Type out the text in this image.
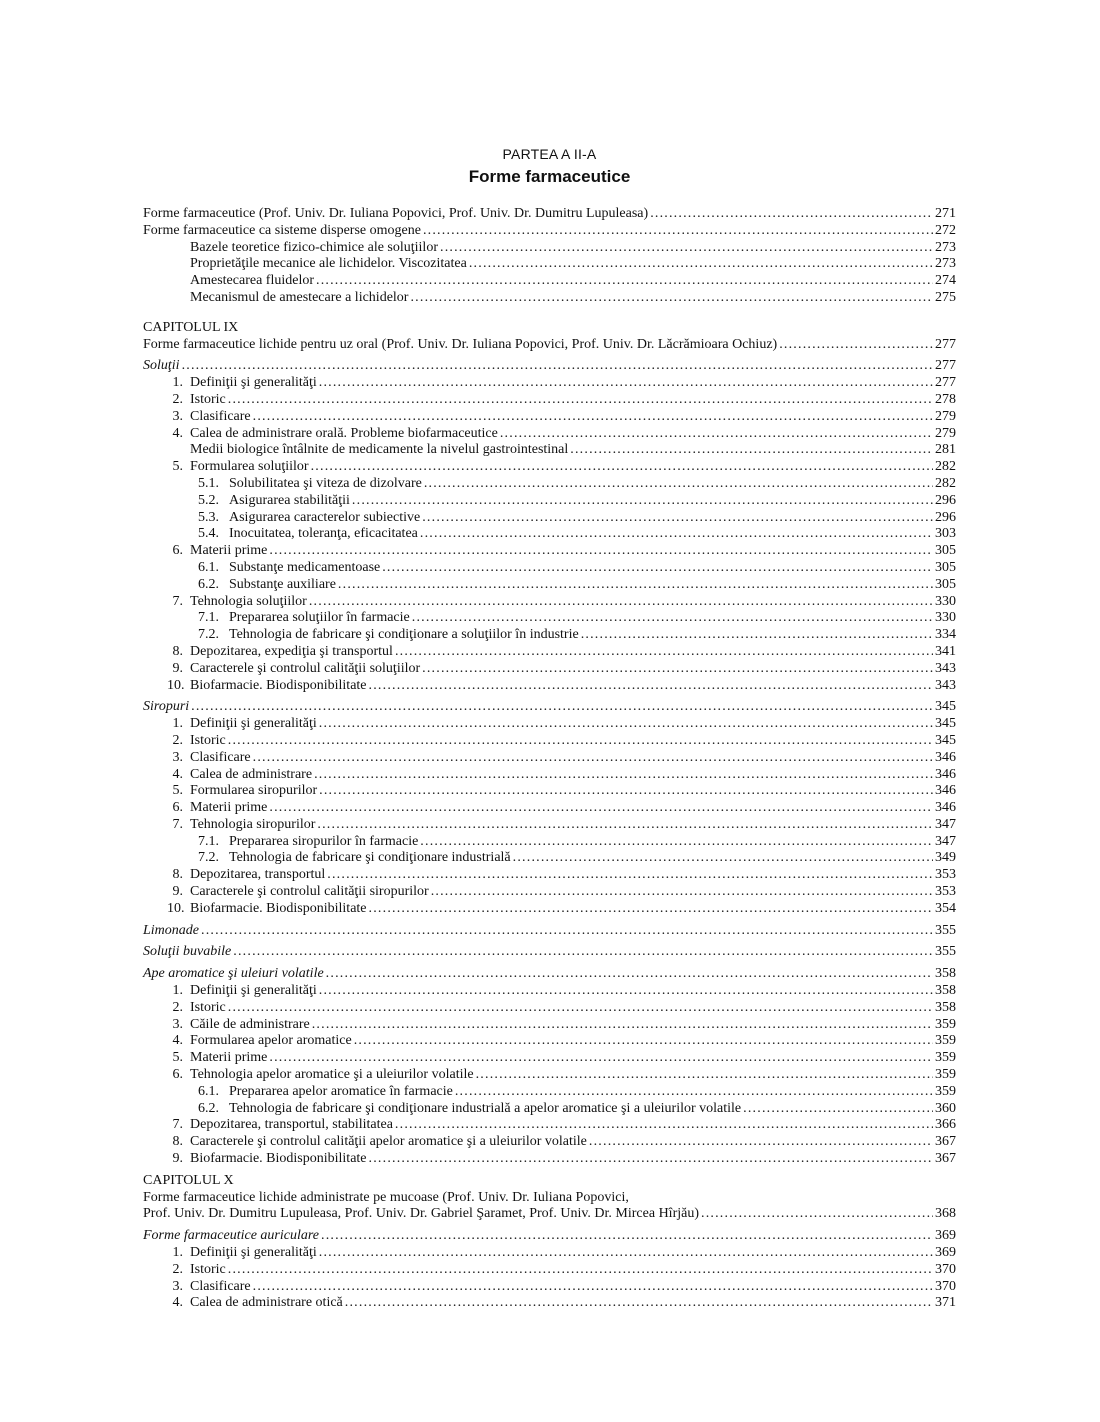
PARTEA A II-A
Forme farmaceutice
Forme farmaceutice (Prof. Univ. Dr. Iuliana Popovici, Prof. Univ. Dr. Dumitru Lupuleasa) .....	271
Forme farmaceutice ca sisteme disperse omogene .....	272
Bazele teoretice fizico-chimice ale soluţiilor .....	273
Proprietăţile mecanice ale lichidelor. Viscozitatea .....	273
Amestecarea fluidelor .....	274
Mecanismul de amestecare a lichidelor .....	275
CAPITOLUL IX
Forme farmaceutice lichide pentru uz oral (Prof. Univ. Dr. Iuliana Popovici, Prof. Univ. Dr. Lăcrămioara Ochiuz) .....	277
Soluţii .....	277
1. Definiţii şi generalităţi .....	277
2. Istoric .....	278
3. Clasificare .....	279
4. Calea de administrare orală. Probleme biofarmaceutice .....	279
Medii biologice întâlnite de medicamente la nivelul gastrointestinal .....	281
5. Formularea soluţiilor .....	282
5.1. Solubilitatea şi viteza de dizolvare .....	282
5.2. Asigurarea stabilităţii .....	296
5.3. Asigurarea caracterelor subiective .....	296
5.4. Inocuitatea, toleranţa, eficacitatea .....	303
6. Materii prime .....	305
6.1. Substanţe medicamentoase .....	305
6.2. Substanţe auxiliare .....	305
7. Tehnologia soluţiilor .....	330
7.1. Prepararea soluţiilor în farmacie .....	330
7.2. Tehnologia de fabricare şi condiţionare a soluţiilor în industrie .....	334
8. Depozitarea, expediţia şi transportul .....	341
9. Caracterele şi controlul calităţii soluţiilor .....	343
10. Biofarmacie. Biodisponibilitate .....	343
Siropuri .....	345
1. Definiţii şi generalităţi .....	345
2. Istoric .....	345
3. Clasificare .....	346
4. Calea de administrare .....	346
5. Formularea siropurilor .....	346
6. Materii prime .....	346
7. Tehnologia siropurilor .....	347
7.1. Prepararea siropurilor în farmacie .....	347
7.2. Tehnologia de fabricare şi condiţionare industrială .....	349
8. Depozitarea, transportul .....	353
9. Caracterele şi controlul calităţii siropurilor .....	353
10. Biofarmacie. Biodisponibilitate .....	354
Limonade .....	355
Soluţii buvabile .....	355
Ape aromatice şi uleiuri volatile .....	358
1. Definiţii şi generalităţi .....	358
2. Istoric .....	358
3. Căile de administrare .....	359
4. Formularea apelor aromatice .....	359
5. Materii prime .....	359
6. Tehnologia apelor aromatice şi a uleiurilor volatile .....	359
6.1. Prepararea apelor aromatice în farmacie .....	359
6.2. Tehnologia de fabricare şi condiţionare industrială a apelor aromatice şi a uleiurilor volatile .....	360
7. Depozitarea, transportul, stabilitatea .....	366
8. Caracterele şi controlul calităţii apelor aromatice şi a uleiurilor volatile .....	367
9. Biofarmacie. Biodisponibilitate .....	367
CAPITOLUL X
Forme farmaceutice lichide administrate pe mucoase (Prof. Univ. Dr. Iuliana Popovici,
Prof. Univ. Dr. Dumitru Lupuleasa, Prof. Univ. Dr. Gabriel Şaramet, Prof. Univ. Dr. Mircea Hîrjău) .....	368
Forme farmaceutice auriculare .....	369
1. Definiţii şi generalităţi .....	369
2. Istoric .....	370
3. Clasificare .....	370
4. Calea de administrare otică .....	371
